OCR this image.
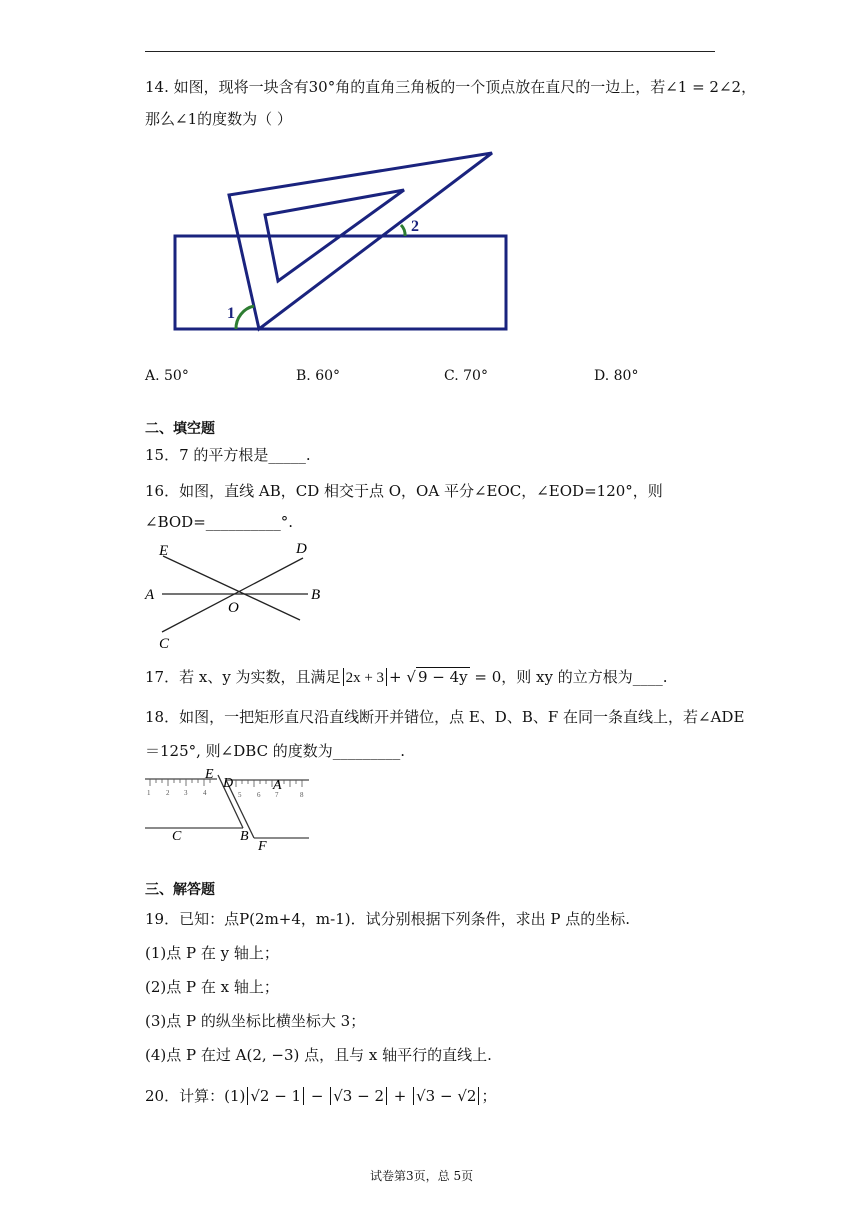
14. 如图，现将一块含有30°角的直角三角板的一个顶点放在直尺的一边上，若∠1 = 2∠2，
那么∠1的度数为（ ）
1
2
A. 50°	B. 60°	C. 70°	D. 80°
二、填空题
15．7 的平方根是_____.
16．如图，直线 AB，CD 相交于点 O，OA 平分∠EOC，∠EOD=120°，则
∠BOD=__________°.
E	D
A	B
O
C
17．若 x、y 为实数，且满足 2x + 3 + √ 9 − 4y = 0，则 xy 的立方根为____.
18．如图，一把矩形直尺沿直线断开并错位，点 E、D、B、F 在同一条直线上，若∠ADE
＝125°, 则∠DBC 的度数为_________.
1 2 3 4	5 6 7	8
E
D	A
C	B
F
三、解答题
19．已知：点P(2m+4，m-1)．试分别根据下列条件，求出 P 点的坐标.
(1)点 P 在 y 轴上；
(2)点 P 在 x 轴上；
(3)点 P 的纵坐标比横坐标大 3；
(4)点 P 在过 A(2, −3) 点，且与 x 轴平行的直线上.
20．计算：(1) √2 − 1 − √3 − 2 + √3 − √2 ；
试卷第3页，总 5页
